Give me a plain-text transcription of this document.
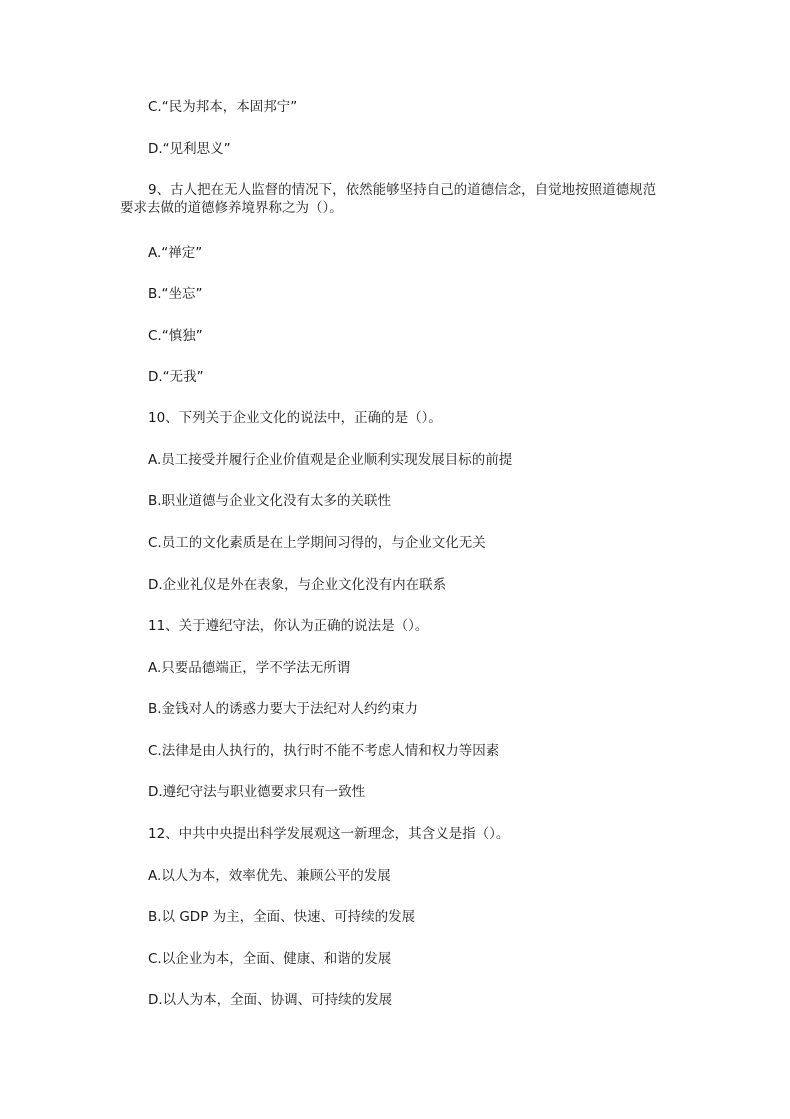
C.“民为邦本，本固邦宁”
D.“见利思义”
9、古人把在无人监督的情况下，依然能够坚持自己的道德信念，自觉地按照道德规范要求去做的道德修养境界称之为（）。
A.“禅定”
B.“坐忘”
C.“慎独”
D.“无我”
10、下列关于企业文化的说法中，正确的是（）。
A.员工接受并履行企业价值观是企业顺利实现发展目标的前提
B.职业道德与企业文化没有太多的关联性
C.员工的文化素质是在上学期间习得的，与企业文化无关
D.企业礼仪是外在表象，与企业文化没有内在联系
11、关于遵纪守法，你认为正确的说法是（）。
A.只要品德端正，学不学法无所谓
B.金钱对人的诱惑力要大于法纪对人约约束力
C.法律是由人执行的，执行时不能不考虑人情和权力等因素
D.遵纪守法与职业德要求只有一致性
12、中共中央提出科学发展观这一新理念，其含义是指（）。
A.以人为本，效率优先、兼顾公平的发展
B.以 GDP 为主，全面、快速、可持续的发展
C.以企业为本，全面、健康、和谐的发展
D.以人为本，全面、协调、可持续的发展
